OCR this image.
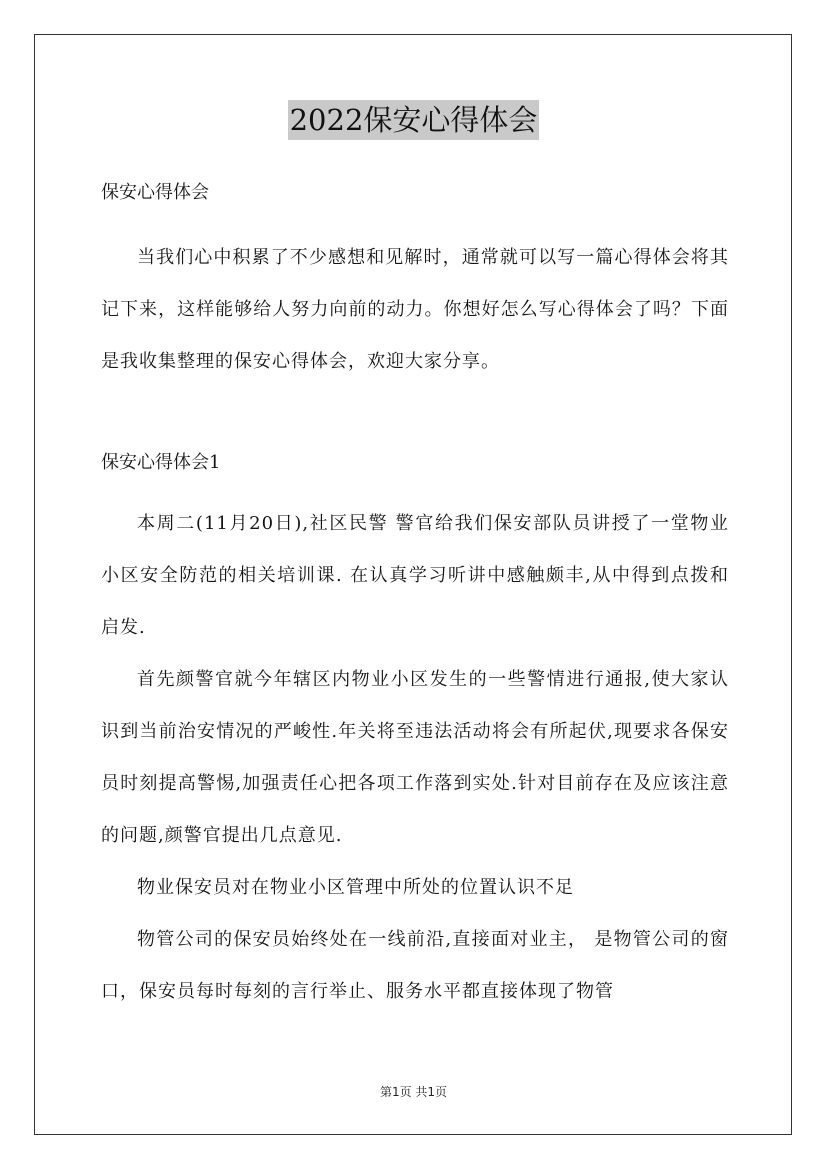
2022保安心得体会
保安心得体会

当我们心中积累了不少感想和见解时，通常就可以写一篇心得体会将其记下来，这样能够给人努力向前的动力。你想好怎么写心得体会了吗？下面是我收集整理的保安心得体会，欢迎大家分享。

保安心得体会1

本周二(11月20日),社区民警 警官给我们保安部队员讲授了一堂物业小区安全防范的相关培训课. 在认真学习听讲中感触颇丰,从中得到点拨和启发.

首先颜警官就今年辖区内物业小区发生的一些警情进行通报,使大家认识到当前治安情况的严峻性.年关将至违法活动将会有所起伏,现要求各保安员时刻提高警惕,加强责任心把各项工作落到实处.针对目前存在及应该注意的问题,颜警官提出几点意见.

物业保安员对在物业小区管理中所处的位置认识不足

物管公司的保安员始终处在一线前沿,直接面对业主， 是物管公司的窗口，保安员每时每刻的言行举止、服务水平都直接体现了物管

第1页 共1页
